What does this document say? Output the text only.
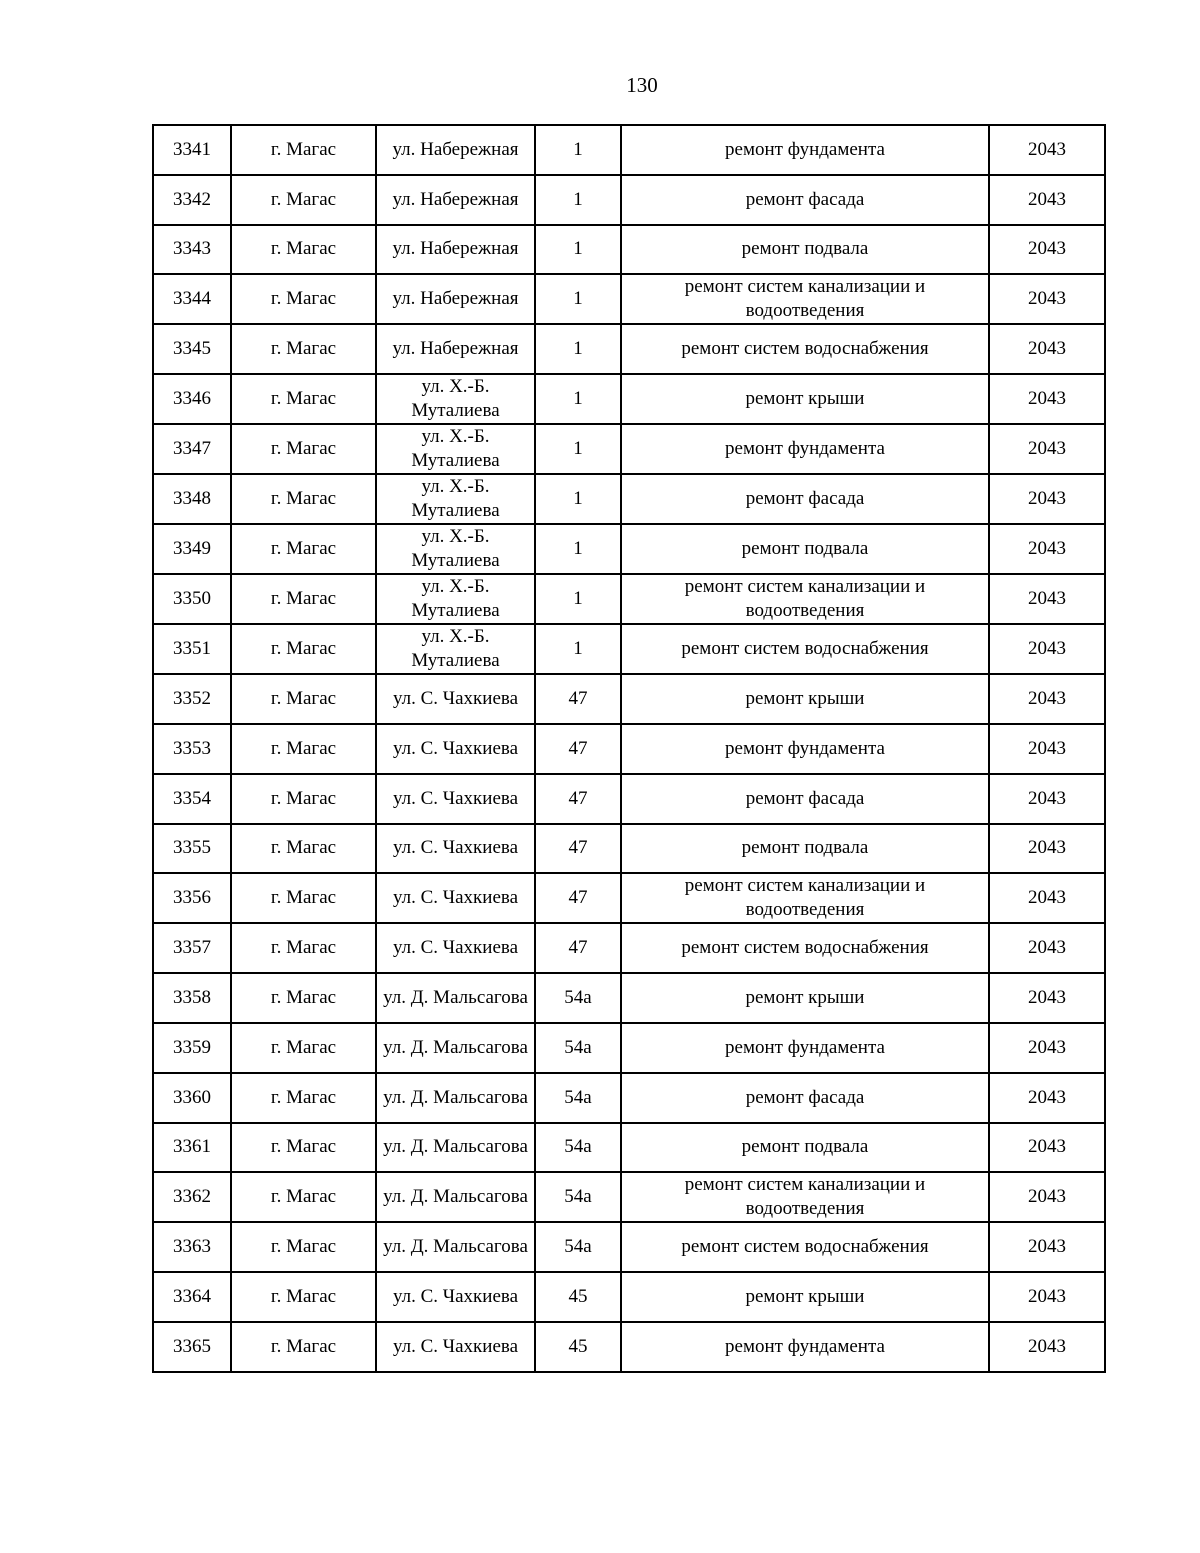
130
3341	г. Магас	ул. Набережная	1	ремонт фундамента	2043
3342	г. Магас	ул. Набережная	1	ремонт фасада	2043
3343	г. Магас	ул. Набережная	1	ремонт подвала	2043
3344	г. Магас	ул. Набережная	1	ремонт систем канализации и водоотведения	2043
3345	г. Магас	ул. Набережная	1	ремонт систем водоснабжения	2043
3346	г. Магас	ул. Х.-Б. Муталиева	1	ремонт крыши	2043
3347	г. Магас	ул. Х.-Б. Муталиева	1	ремонт фундамента	2043
3348	г. Магас	ул. Х.-Б. Муталиева	1	ремонт фасада	2043
3349	г. Магас	ул. Х.-Б. Муталиева	1	ремонт подвала	2043
3350	г. Магас	ул. Х.-Б. Муталиева	1	ремонт систем канализации и водоотведения	2043
3351	г. Магас	ул. Х.-Б. Муталиева	1	ремонт систем водоснабжения	2043
3352	г. Магас	ул. С. Чахкиева	47	ремонт крыши	2043
3353	г. Магас	ул. С. Чахкиева	47	ремонт фундамента	2043
3354	г. Магас	ул. С. Чахкиева	47	ремонт фасада	2043
3355	г. Магас	ул. С. Чахкиева	47	ремонт подвала	2043
3356	г. Магас	ул. С. Чахкиева	47	ремонт систем канализации и водоотведения	2043
3357	г. Магас	ул. С. Чахкиева	47	ремонт систем водоснабжения	2043
3358	г. Магас	ул. Д. Мальсагова	54а	ремонт крыши	2043
3359	г. Магас	ул. Д. Мальсагова	54а	ремонт фундамента	2043
3360	г. Магас	ул. Д. Мальсагова	54а	ремонт фасада	2043
3361	г. Магас	ул. Д. Мальсагова	54а	ремонт подвала	2043
3362	г. Магас	ул. Д. Мальсагова	54а	ремонт систем канализации и водоотведения	2043
3363	г. Магас	ул. Д. Мальсагова	54а	ремонт систем водоснабжения	2043
3364	г. Магас	ул. С. Чахкиева	45	ремонт крыши	2043
3365	г. Магас	ул. С. Чахкиева	45	ремонт фундамента	2043
